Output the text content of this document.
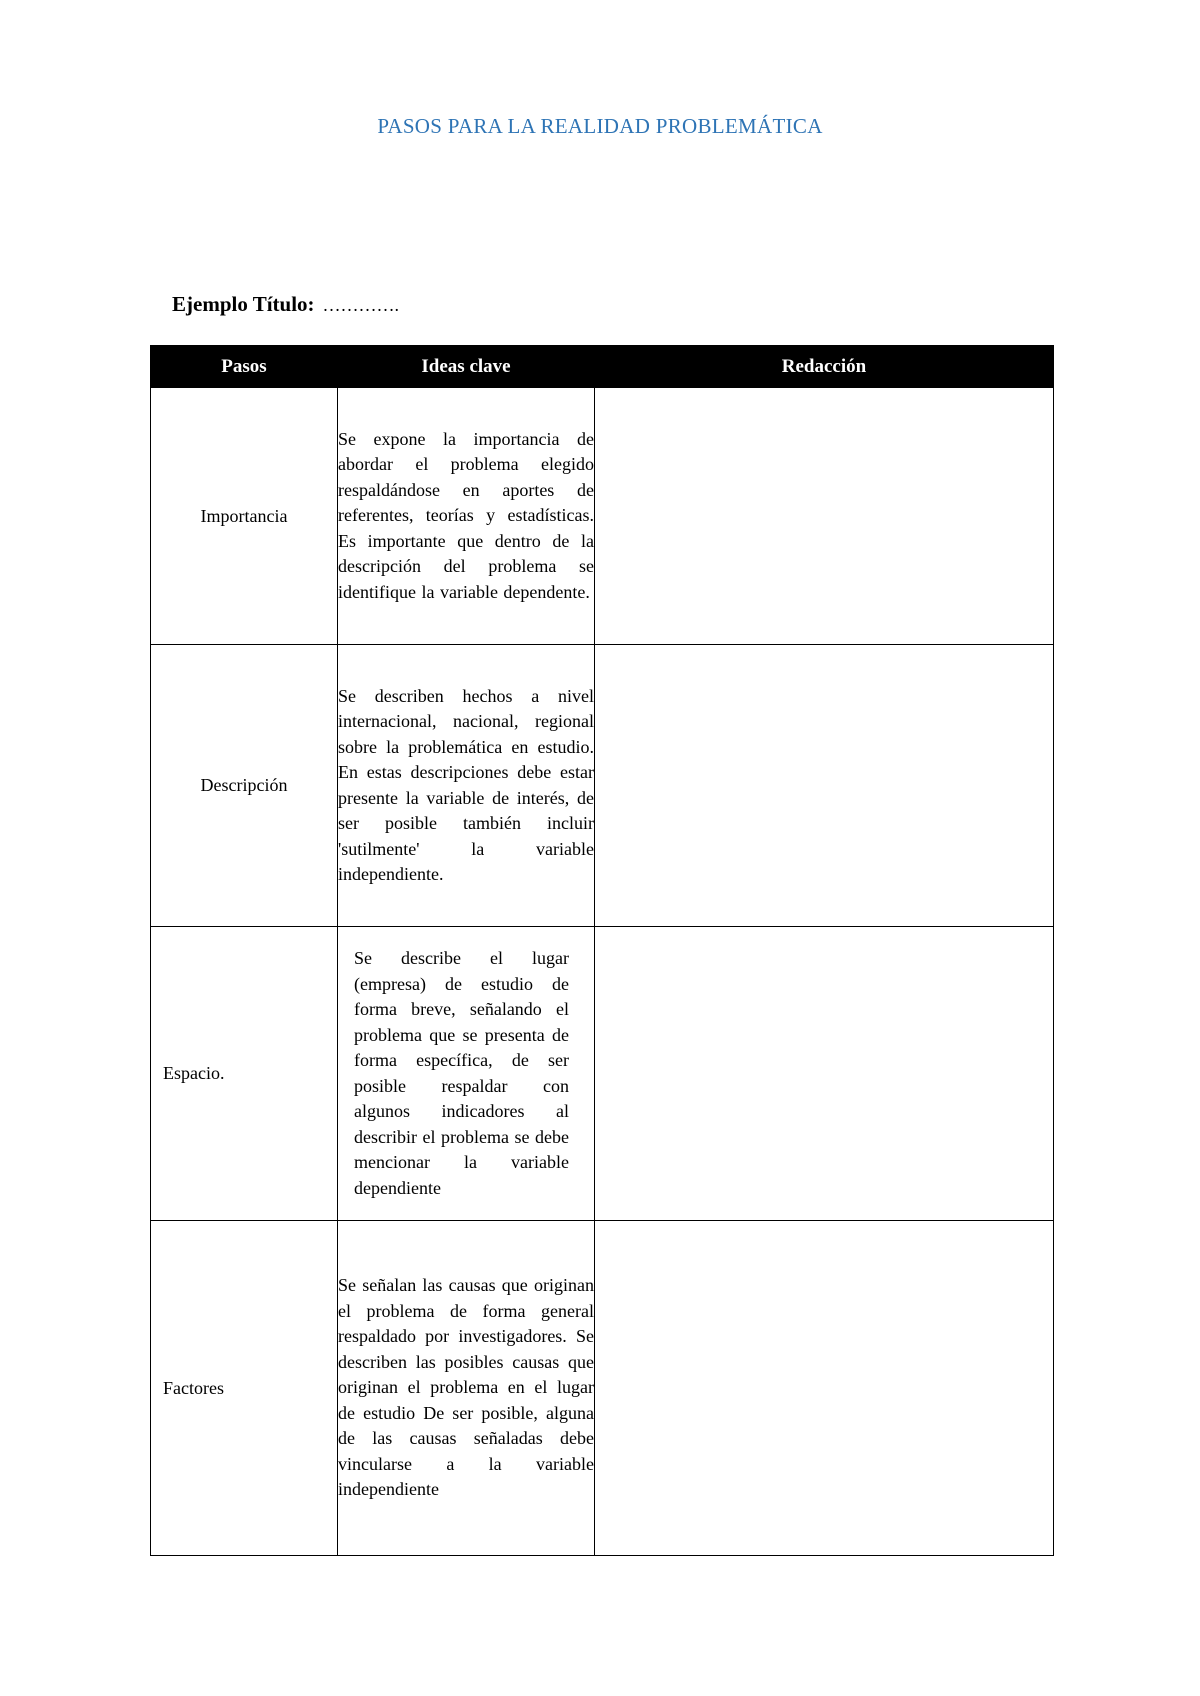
PASOS PARA LA REALIDAD PROBLEMÁTICA
Ejemplo Título: ………….
Pasos	Ideas clave	Redacción
Importancia	Se expone la importancia de abordar el problema elegido respaldándose en aportes de referentes, teorías y estadísticas. Es importante que dentro de la descripción del problema se identifique la variable dependente.	
Descripción	Se describen hechos a nivel internacional, nacional, regional sobre la problemática en estudio. En estas descripciones debe estar presente la variable de interés, de ser posible también incluir 'sutilmente' la variable independiente.	
Espacio.	Se describe el lugar (empresa) de estudio de forma breve, señalando el problema que se presenta de forma específica, de ser posible respaldar con algunos indicadores al describir el problema se debe mencionar la variable dependiente	
Factores	Se señalan las causas que originan el problema de forma general respaldado por investigadores. Se describen las posibles causas que originan el problema en el lugar de estudio De ser posible, alguna de las causas señaladas debe vincularse a la variable independiente	
